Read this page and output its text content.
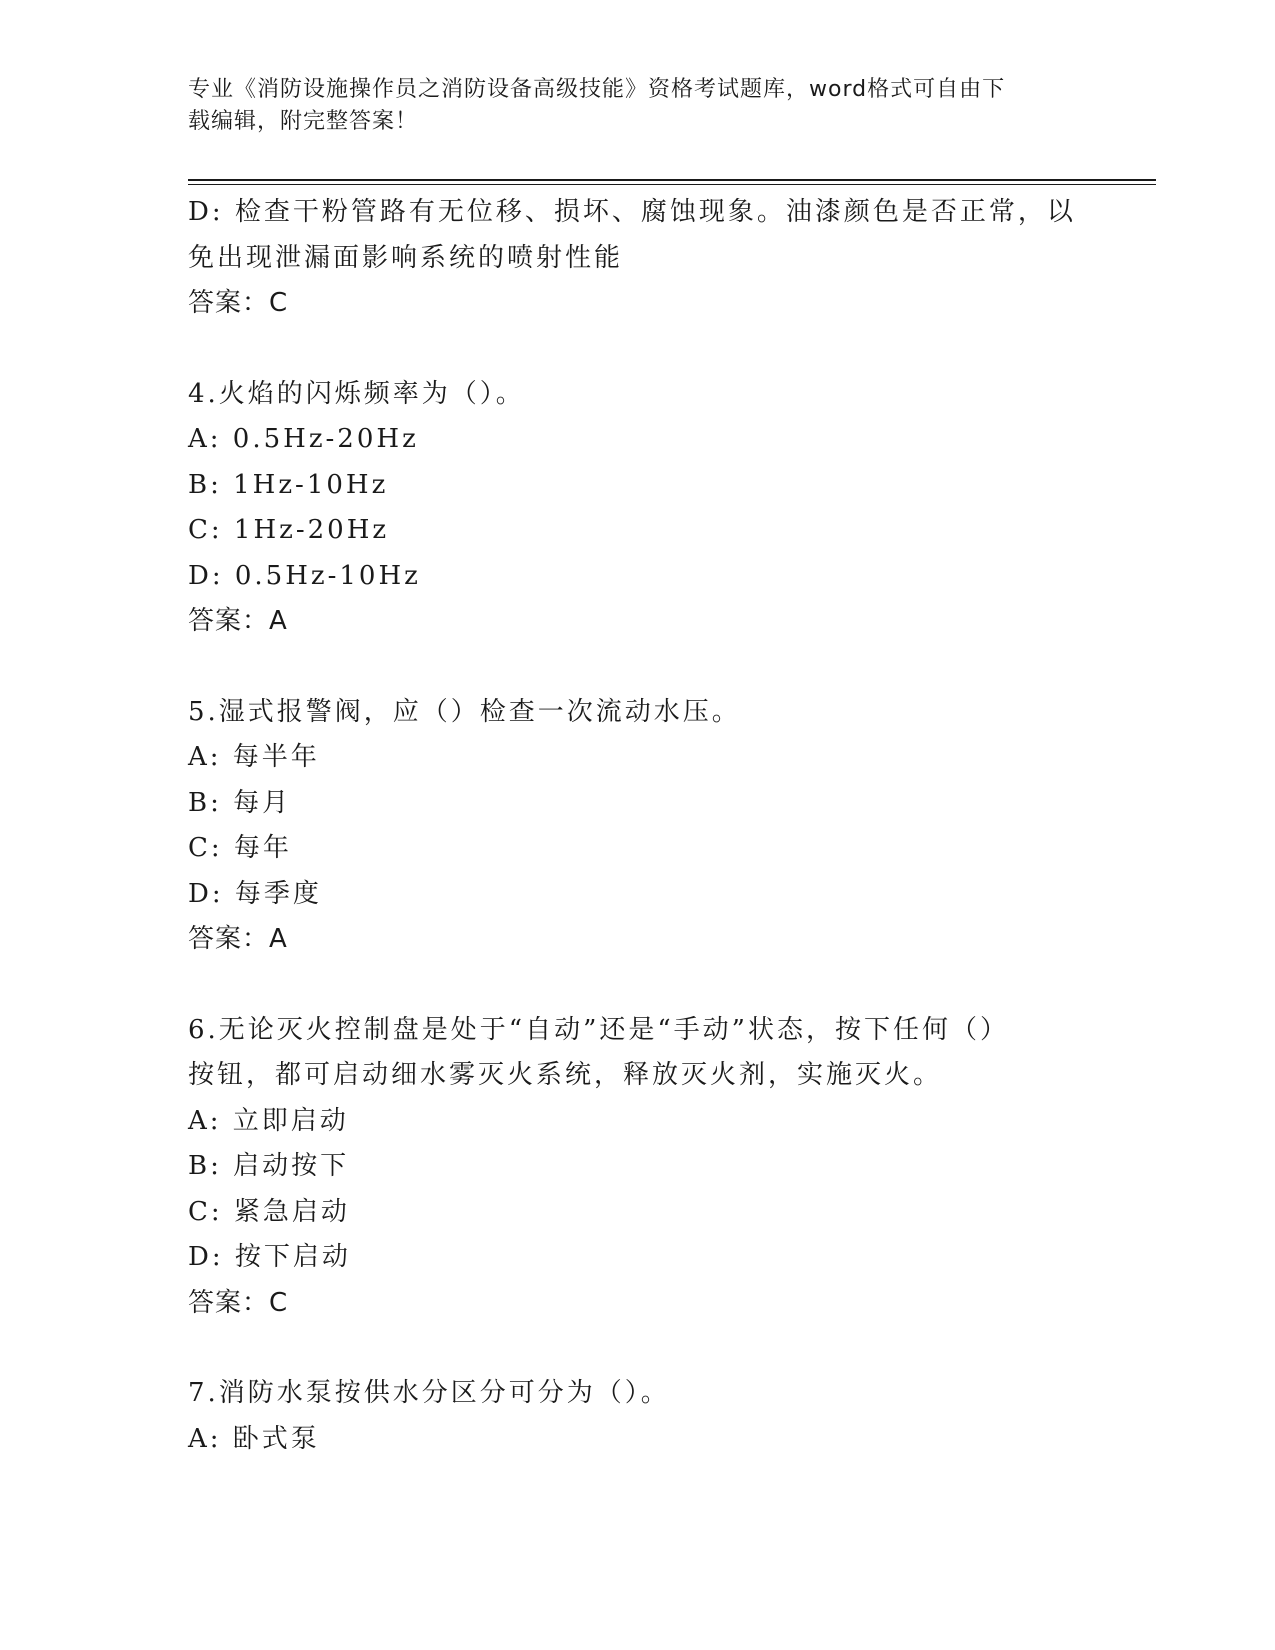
专业《消防设施操作员之消防设备高级技能》资格考试题库，word格式可自由下
载编辑，附完整答案！
D: 检查干粉管路有无位移、损坏、腐蚀现象。油漆颜色是否正常，以
免出现泄漏面影响系统的喷射性能
答案：C
4.火焰的闪烁频率为（）。
A: 0.5Hz-20Hz
B: 1Hz-10Hz
C: 1Hz-20Hz
D: 0.5Hz-10Hz
答案：A
5.湿式报警阀，应（）检查一次流动水压。
A: 每半年
B: 每月
C: 每年
D: 每季度
答案：A
6.无论灭火控制盘是处于“自动”还是“手动”状态，按下任何（）
按钮，都可启动细水雾灭火系统，释放灭火剂，实施灭火。
A: 立即启动
B: 启动按下
C: 紧急启动
D: 按下启动
答案：C
7.消防水泵按供水分区分可分为（）。
A: 卧式泵
